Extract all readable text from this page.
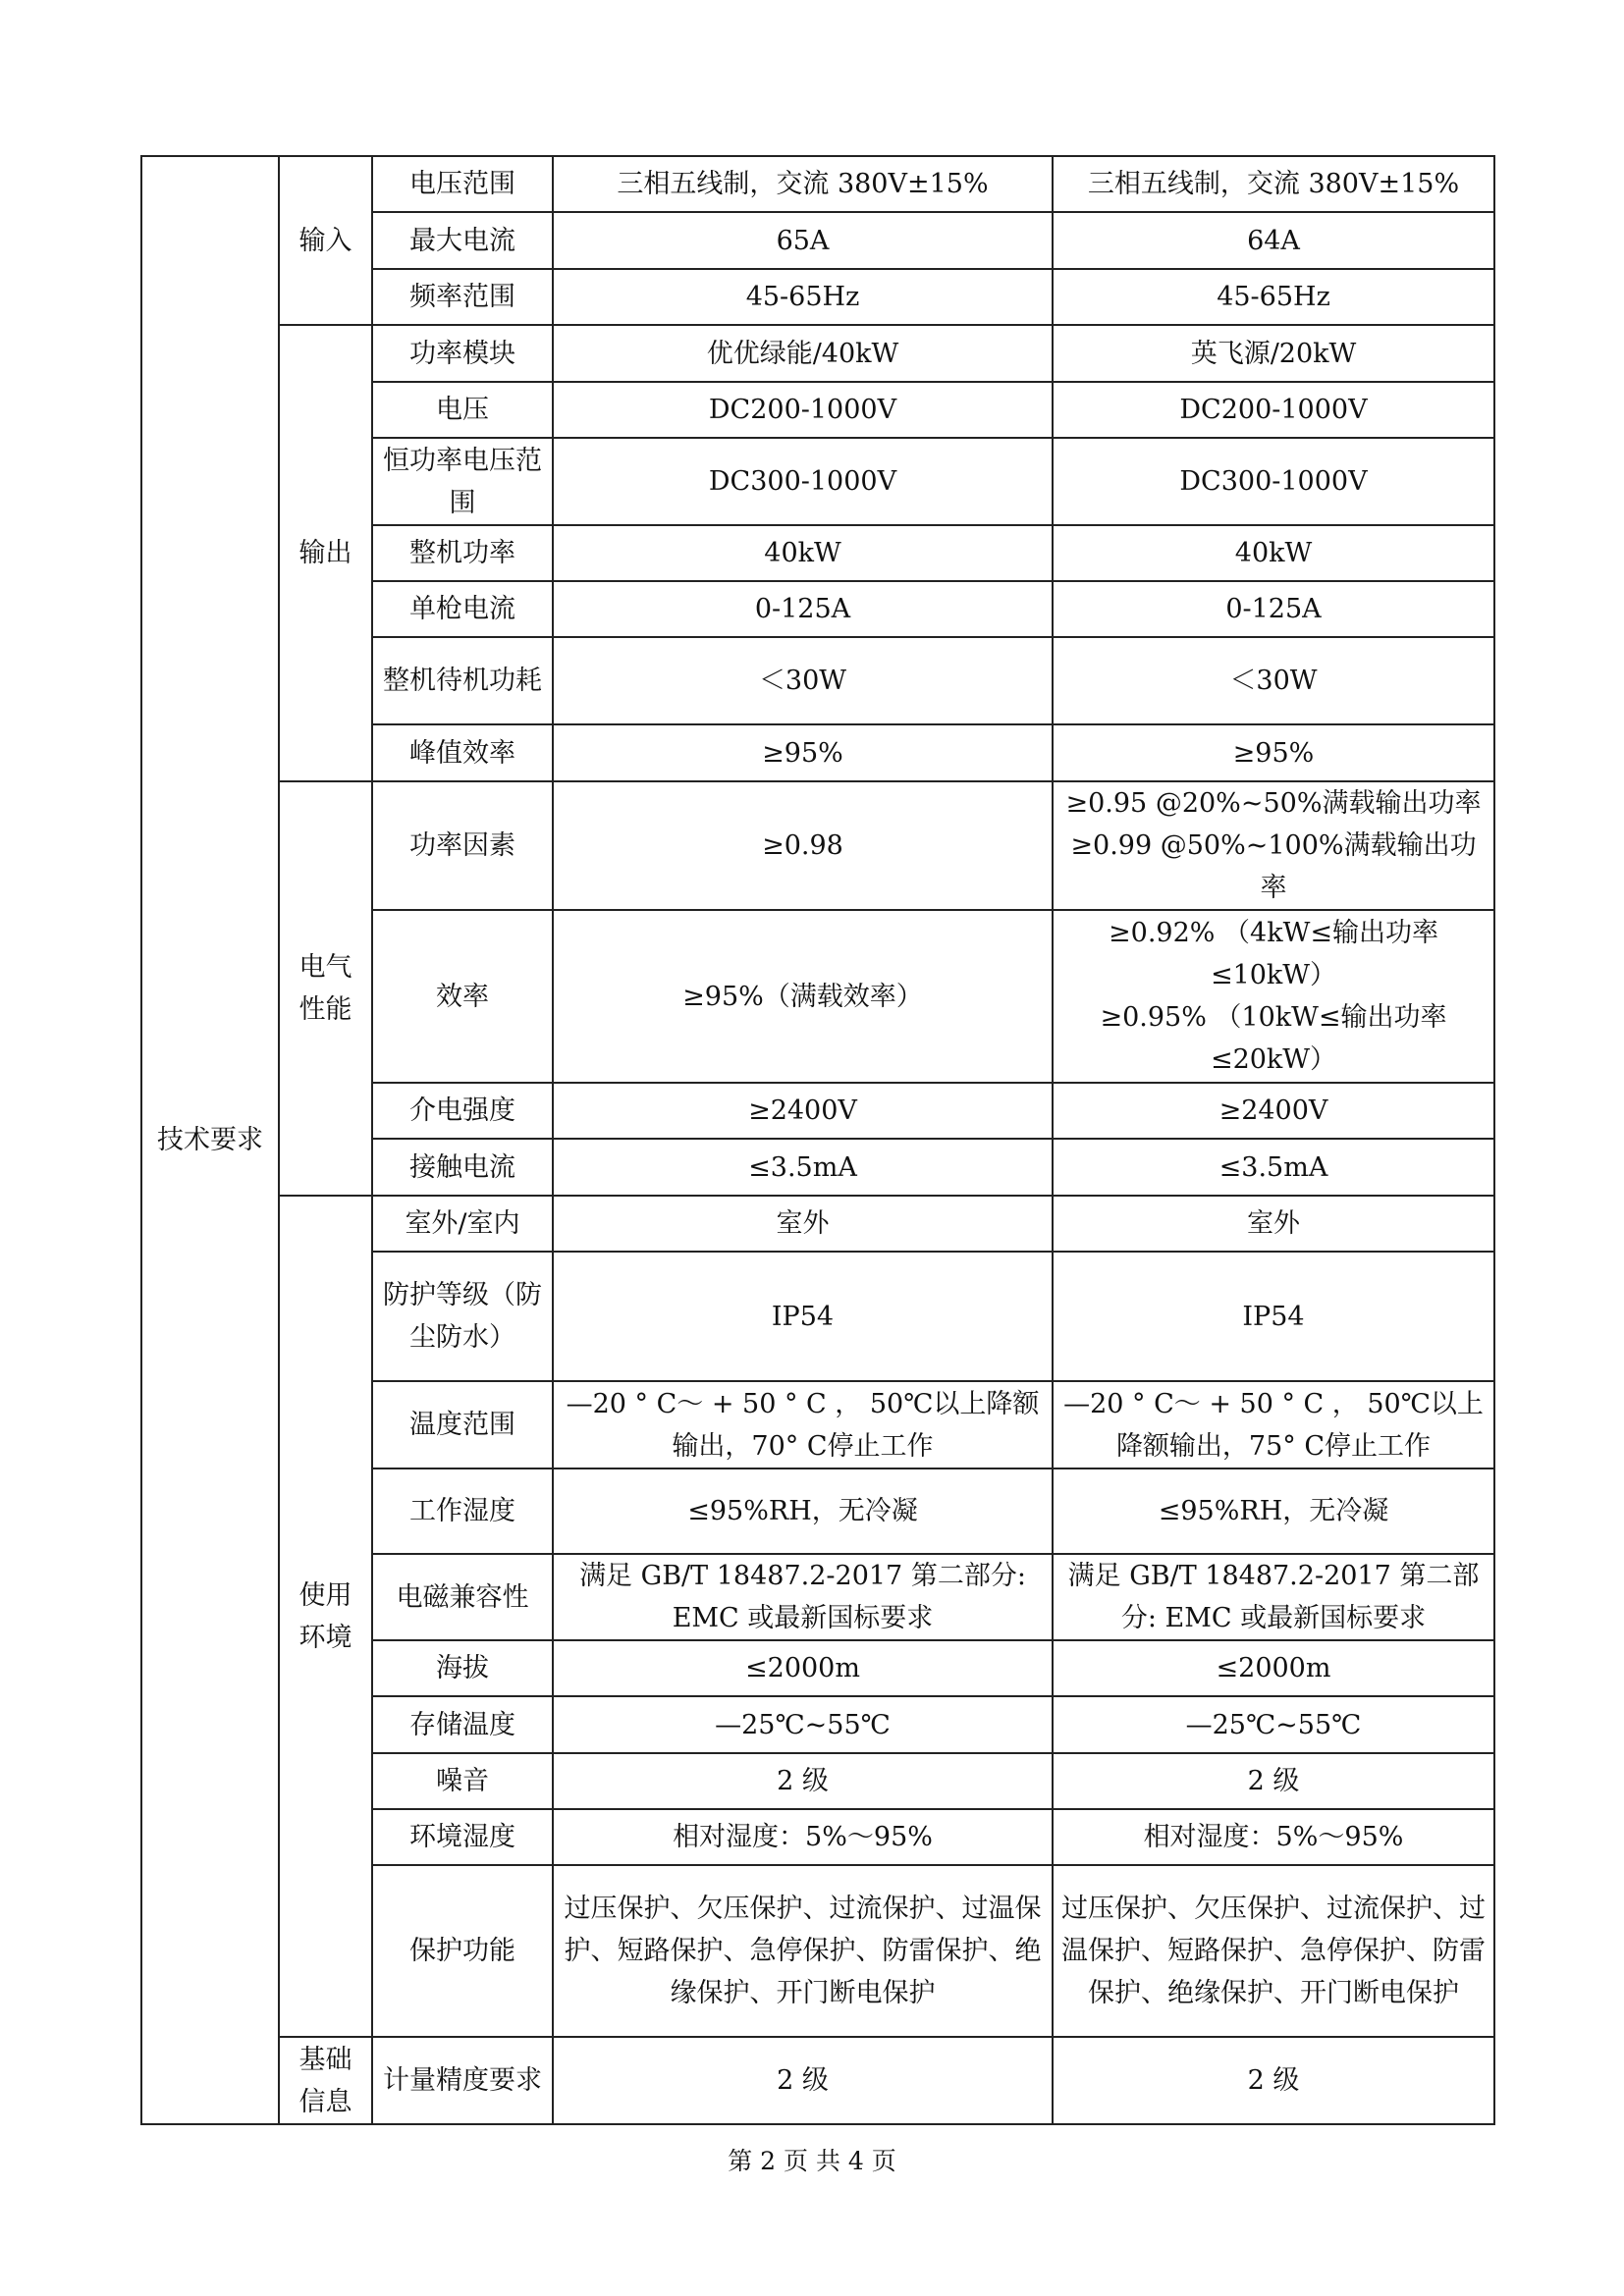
技术要求	输入	电压范围	三相五线制，交流 380V±15%	三相五线制，交流 380V±15%
		最大电流	65A	64A
		频率范围	45-65Hz	45-65Hz
	输出	功率模块	优优绿能/40kW	英飞源/20kW
		电压	DC200-1000V	DC200-1000V
		恒功率电压范围	DC300-1000V	DC300-1000V
		整机功率	40kW	40kW
		单枪电流	0-125A	0-125A
		整机待机功耗	＜30W	＜30W
		峰值效率	≥95%	≥95%
	电气性能	功率因素	≥0.98	≥0.95 @20%~50%满载输出功率
≥0.99 @50%~100%满载输出功率

		效率	≥95%（满载效率）	≥0.92% （4kW≤输出功率≤10kW）
≥0.95% （10kW≤输出功率≤20kW）

		介电强度	≥2400V	≥2400V
		接触电流	≤3.5mA	≤3.5mA
	使用环境	室外/室内	室外	室外
		防护等级（防尘防水）	IP54	IP54
		温度范围	—20 ° C～ + 50 ° C ， 50℃以上降额输出，70° C停止工作	—20 ° C～ + 50 ° C ， 50℃以上降额输出，75° C停止工作
		工作湿度	≤95%RH，无冷凝	≤95%RH，无冷凝
		电磁兼容性	满足 GB/T 18487.2-2017 第二部分: EMC 或最新国标要求	满足 GB/T 18487.2-2017 第二部分: EMC 或最新国标要求
		海拔	≤2000m	≤2000m
		存储温度	—25℃~55℃	—25℃~55℃
		噪音	2 级	2 级
		环境湿度	相对湿度：5%～95%	相对湿度：5%～95%
		保护功能	过压保护、欠压保护、过流保护、过温保护、短路保护、急停保护、防雷保护、绝缘保护、开门断电保护	过压保护、欠压保护、过流保护、过温保护、短路保护、急停保护、防雷保护、绝缘保护、开门断电保护
	基础信息	计量精度要求	2 级	2 级
第 2 页 共 4 页
